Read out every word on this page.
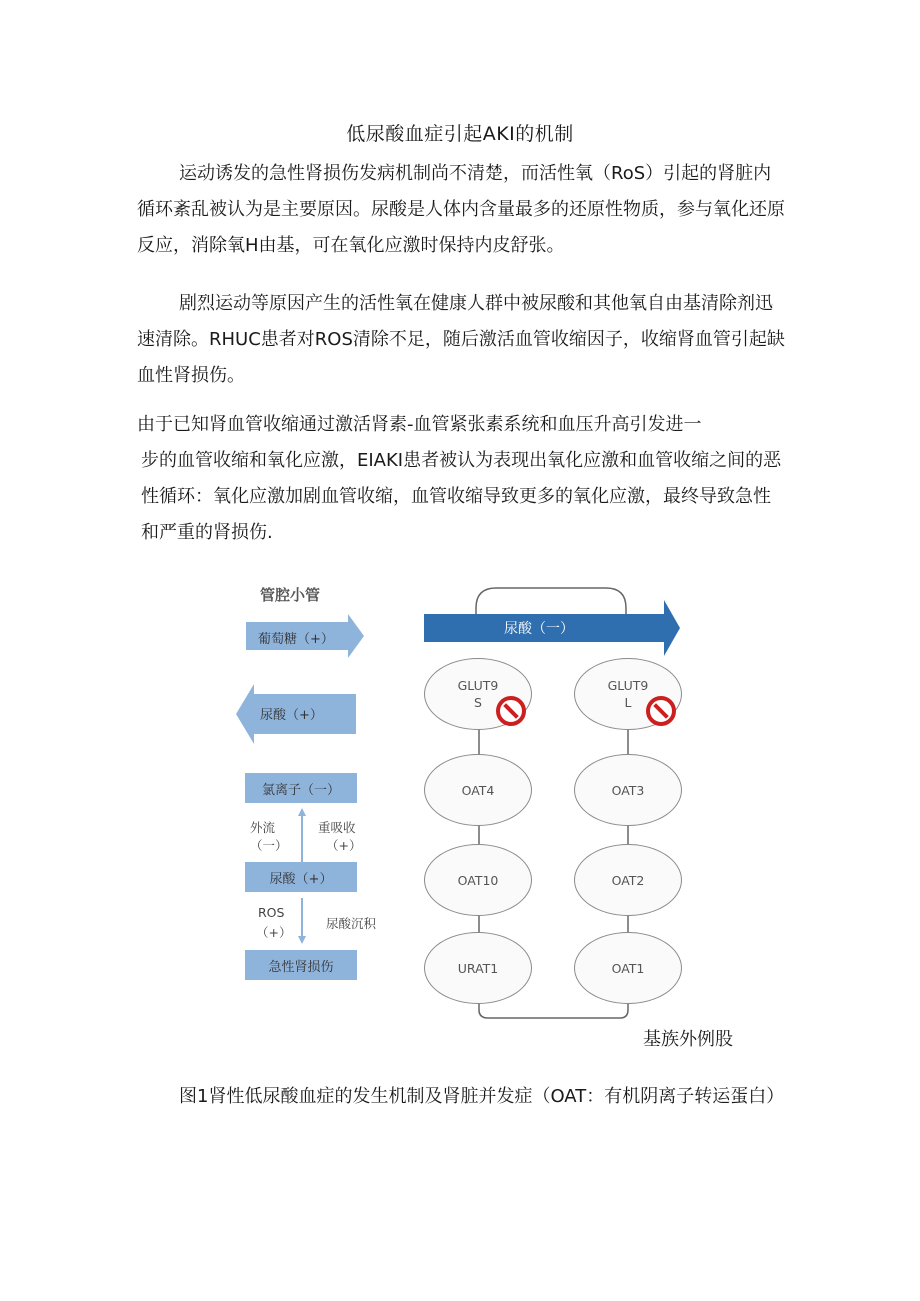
低尿酸血症引起AKI的机制
运动诱发的急性肾损伤发病机制尚不清楚，而活性氧（RoS）引起的肾脏内循环紊乱被认为是主要原因。尿酸是人体内含量最多的还原性物质，参与氧化还原反应，消除氧H由基，可在氧化应激时保持内皮舒张。
剧烈运动等原因产生的活性氧在健康人群中被尿酸和其他氧自由基清除剂迅速清除。RHUC患者对ROS清除不足，随后激活血管收缩因子，收缩肾血管引起缺血性肾损伤。
由于已知肾血管收缩通过激活肾素-血管紧张素系统和血压升高引发进一
步的血管收缩和氧化应激，EIAKI患者被认为表现出氧化应激和血管收缩之间的恶性循环：氧化应激加剧血管收缩，血管收缩导致更多的氧化应激，最终导致急性和严重的肾损伤.
管腔小管
葡萄糖（+）
尿酸（+）
尿酸（一）
氯离子（一）
外流
（一）
重吸收
（+）
尿酸（+）
ROS
（+）
尿酸沉积
急性肾损伤
GLUT9
S
OAT4
OAT10
URAT1
GLUT9
L
OAT3
OAT2
OAT1
基族外例股
图1肾性低尿酸血症的发生机制及肾脏并发症（OAT：有机阴离子转运蛋白）
